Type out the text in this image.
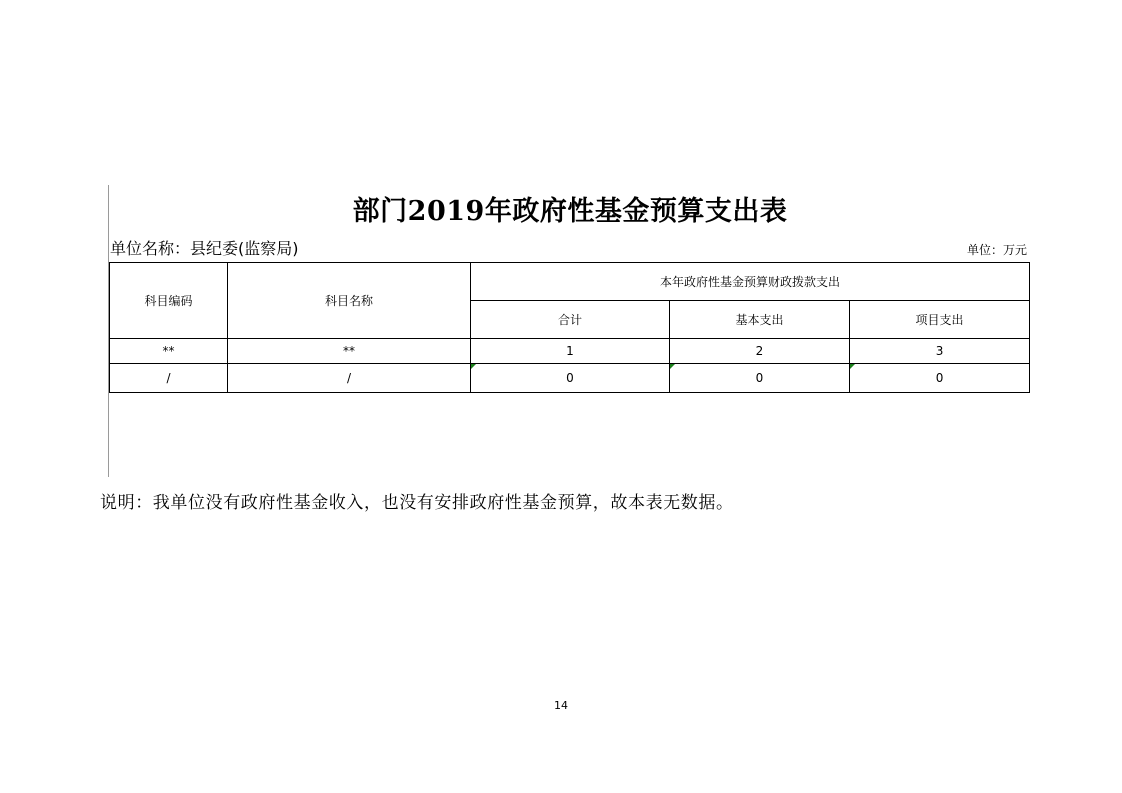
部门2019年政府性基金预算支出表
单位名称：县纪委(监察局)	单位：万元
科目编码	科目名称	本年政府性基金预算财政拨款支出		
		合计	基本支出	项目支出
**	**	1	2	3
/	/	0	0	0
说明：我单位没有政府性基金收入，也没有安排政府性基金预算，故本表无数据。
14
